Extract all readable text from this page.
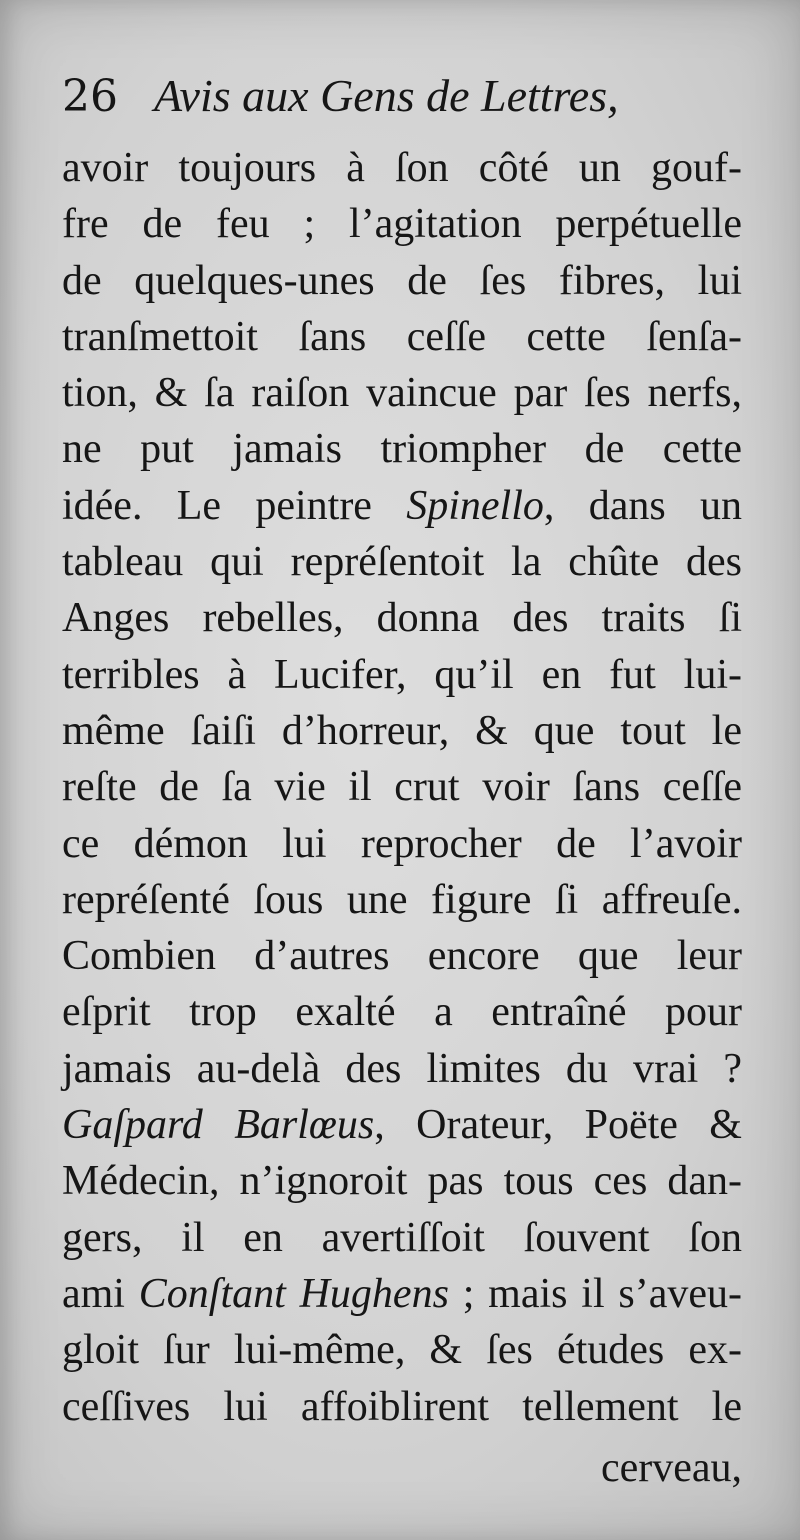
26 Avis aux Gens de Lettres,
avoir toujours à ſon côté un gouf-
fre de feu ; l’agitation perpétuelle
de quelques-unes de ſes fibres, lui
tranſmettoit ſans ceſſe cette ſenſa-
tion, & ſa raiſon vaincue par ſes nerfs,
ne put jamais triompher de cette
idée. Le peintre Spinello, dans un
tableau qui repréſentoit la chûte des
Anges rebelles, donna des traits ſi
terribles à Lucifer, qu’il en fut lui-
même ſaiſi d’horreur, & que tout le
reſte de ſa vie il crut voir ſans ceſſe
ce démon lui reprocher de l’avoir
repréſenté ſous une figure ſi affreuſe.
Combien d’autres encore que leur
eſprit trop exalté a entraîné pour
jamais au-delà des limites du vrai ?
Gaſpard Barlœus, Orateur, Poëte &
Médecin, n’ignoroit pas tous ces dan-
gers, il en avertiſſoit ſouvent ſon
ami Conſtant Hughens ; mais il s’aveu-
gloit ſur lui-même, & ſes études ex-
ceſſives lui affoiblirent tellement le
cerveau,
